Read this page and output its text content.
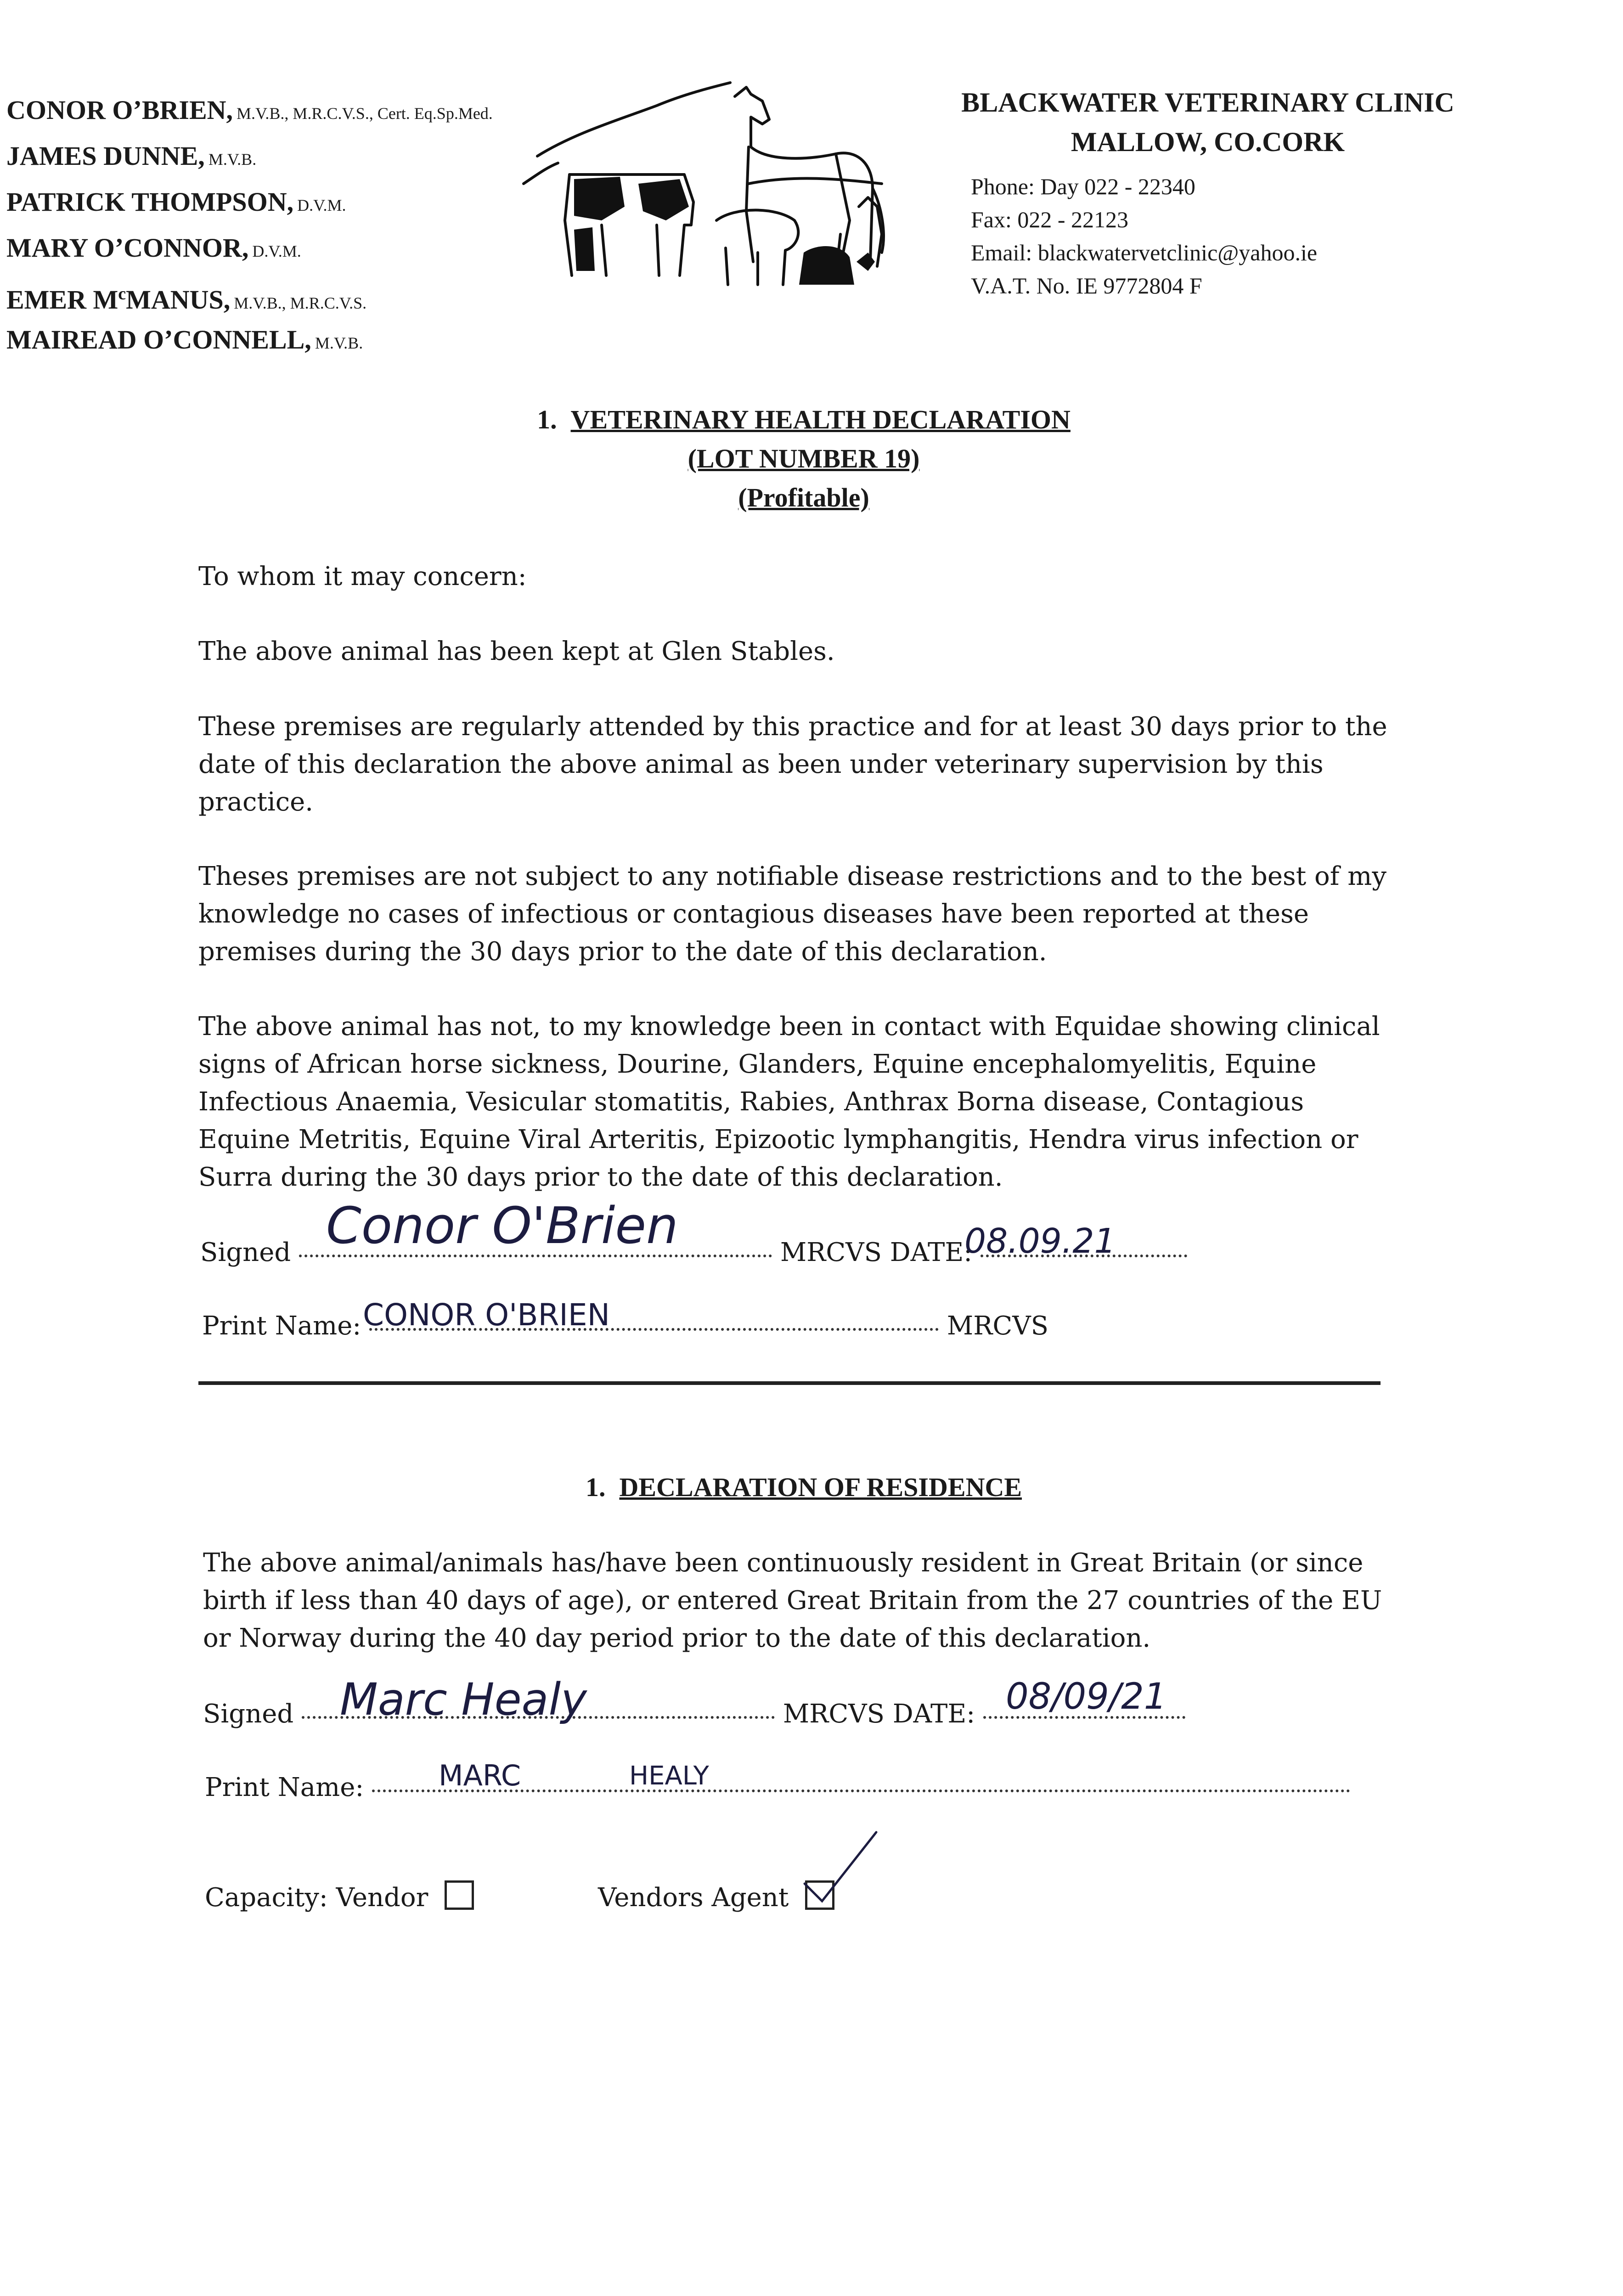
CONOR O’BRIEN, M.V.B., M.R.C.V.S., Cert. Eq.Sp.Med.
JAMES DUNNE, M.V.B.
PATRICK THOMPSON, D.V.M.
MARY O’CONNOR, D.V.M.
EMER $M^cMANUS$, M.V.B., M.R.C.V.S.
MAIREAD O’CONNELL, M.V.B.
BLACKWATER VETERINARY CLINIC
MALLOW, CO.CORK
Phone: Day 022 - 22340
Fax: 022 - 22123
Email: blackwatervetclinic@yahoo.ie
V.A.T. No. IE 9772804 F
1. VETERINARY HEALTH DECLARATION
(LOT NUMBER 19)
(Profitable)
To whom it may concern:
The above animal has been kept at Glen Stables.
These premises are regularly attended by this practice and for at least 30 days prior to the date of this declaration the above animal as been under veterinary supervision by this practice.
Theses premises are not subject to any notifiable disease restrictions and to the best of my knowledge no cases of infectious or contagious diseases have been reported at these premises during the 30 days prior to the date of this declaration.
The above animal has not, to my knowledge been in contact with Equidae showing clinical signs of African horse sickness, Dourine, Glanders, Equine encephalomyelitis, Equine Infectious Anaemia, Vesicular stomatitis, Rabies, Anthrax Borna disease, Contagious Equine Metritis, Equine Viral Arteritis, Epizootic lymphangitis, Hendra virus infection or Surra during the 30 days prior to the date of this declaration.
Signed	MRCVS DATE:
Conor O'Brien	08.09.21
Print Name:	MRCVS
CONOR O'BRIEN
1. DECLARATION OF RESIDENCE
The above animal/animals has/have been continuously resident in Great Britain (or since birth if less than 40 days of age), or entered Great Britain from the 27 countries of the EU or Norway during the 40 day period prior to the date of this declaration.
Signed	MRCVS DATE:
Marc Healy	08/09/21
Print Name:	MARC	HEALY
Capacity: Vendor	Vendors Agent
